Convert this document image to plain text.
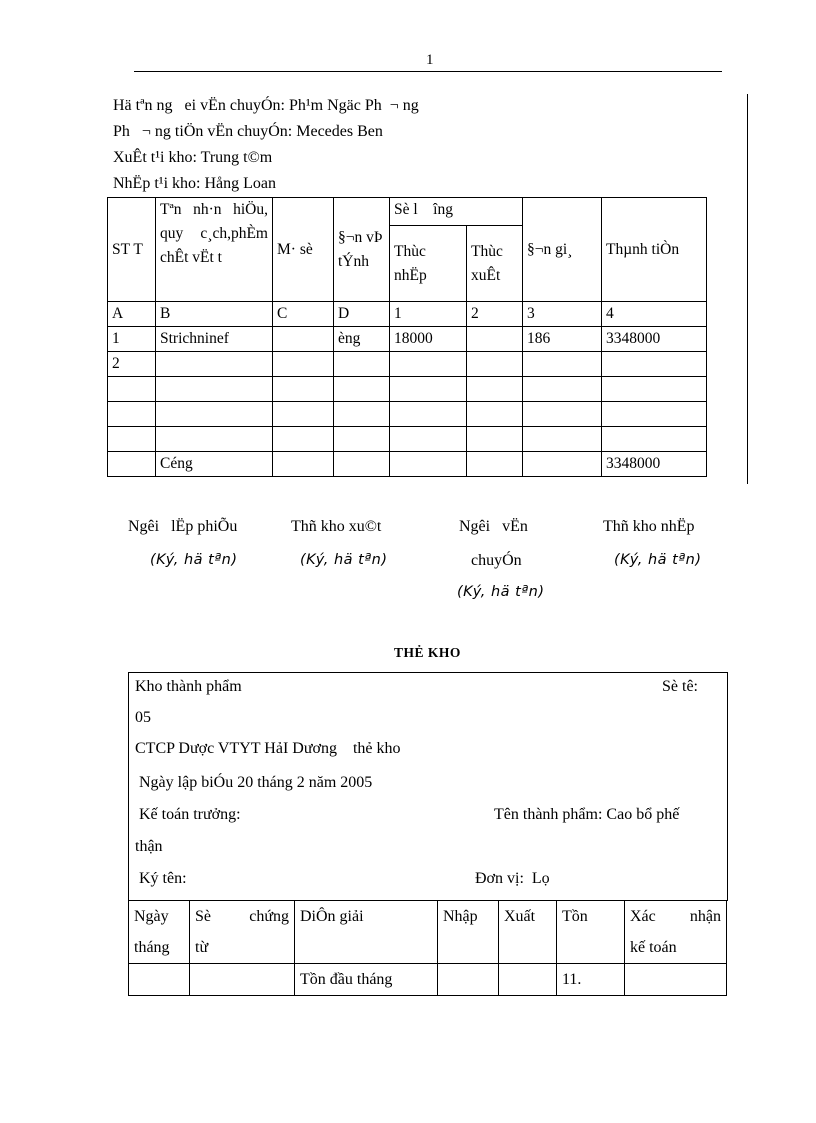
1
Hä tªn ng   ei vËn chuyÓn: Ph¹m Ngäc Ph  ¬ ng
Ph   ¬ ng tiÖn vËn chuyÓn: Mecedes Ben
XuÊt t¹i kho: Trung t©m
NhËp t¹i kho: Hång Loan
ST T	Tªn nh·n hiÖu, quy c¸ch,phÈm chÊt vËt t	M· sè	§¬n vÞ tÝnh	Sè l    îng		§¬n gi¸	Thµnh tiÒn
				Thùc nhËp	Thùc xuÊt		
A	B	C	D	1	2	3	4
1	Strichninef		èng	18000		186	3348000
2							

	Céng						3348000
Ngêi   lËp phiÕu
(Ký, hä tªn)
Thñ kho xu©t
(Ký, hä tªn)
Ngêi   vËn
chuyÓn
(Ký, hä tªn)
Thñ kho nhËp
(Ký, hä tªn)
THẺ KHO
Kho thành phẩm	Sè tê:
05
CTCP Dược VTYT HảI Dương    thẻ kho
Ngày lập biÓu 20 tháng 2 năm 2005
Kế toán trưởng:	Tên thành phẩm: Cao bổ phế
thận
Ký tên:	Đơn vị:  Lọ
Ngày tháng	Sè      chứng từ	DiÔn giải	Nhập	Xuất	Tồn	Xác      nhận kế toán
		Tồn đầu tháng			11.	
